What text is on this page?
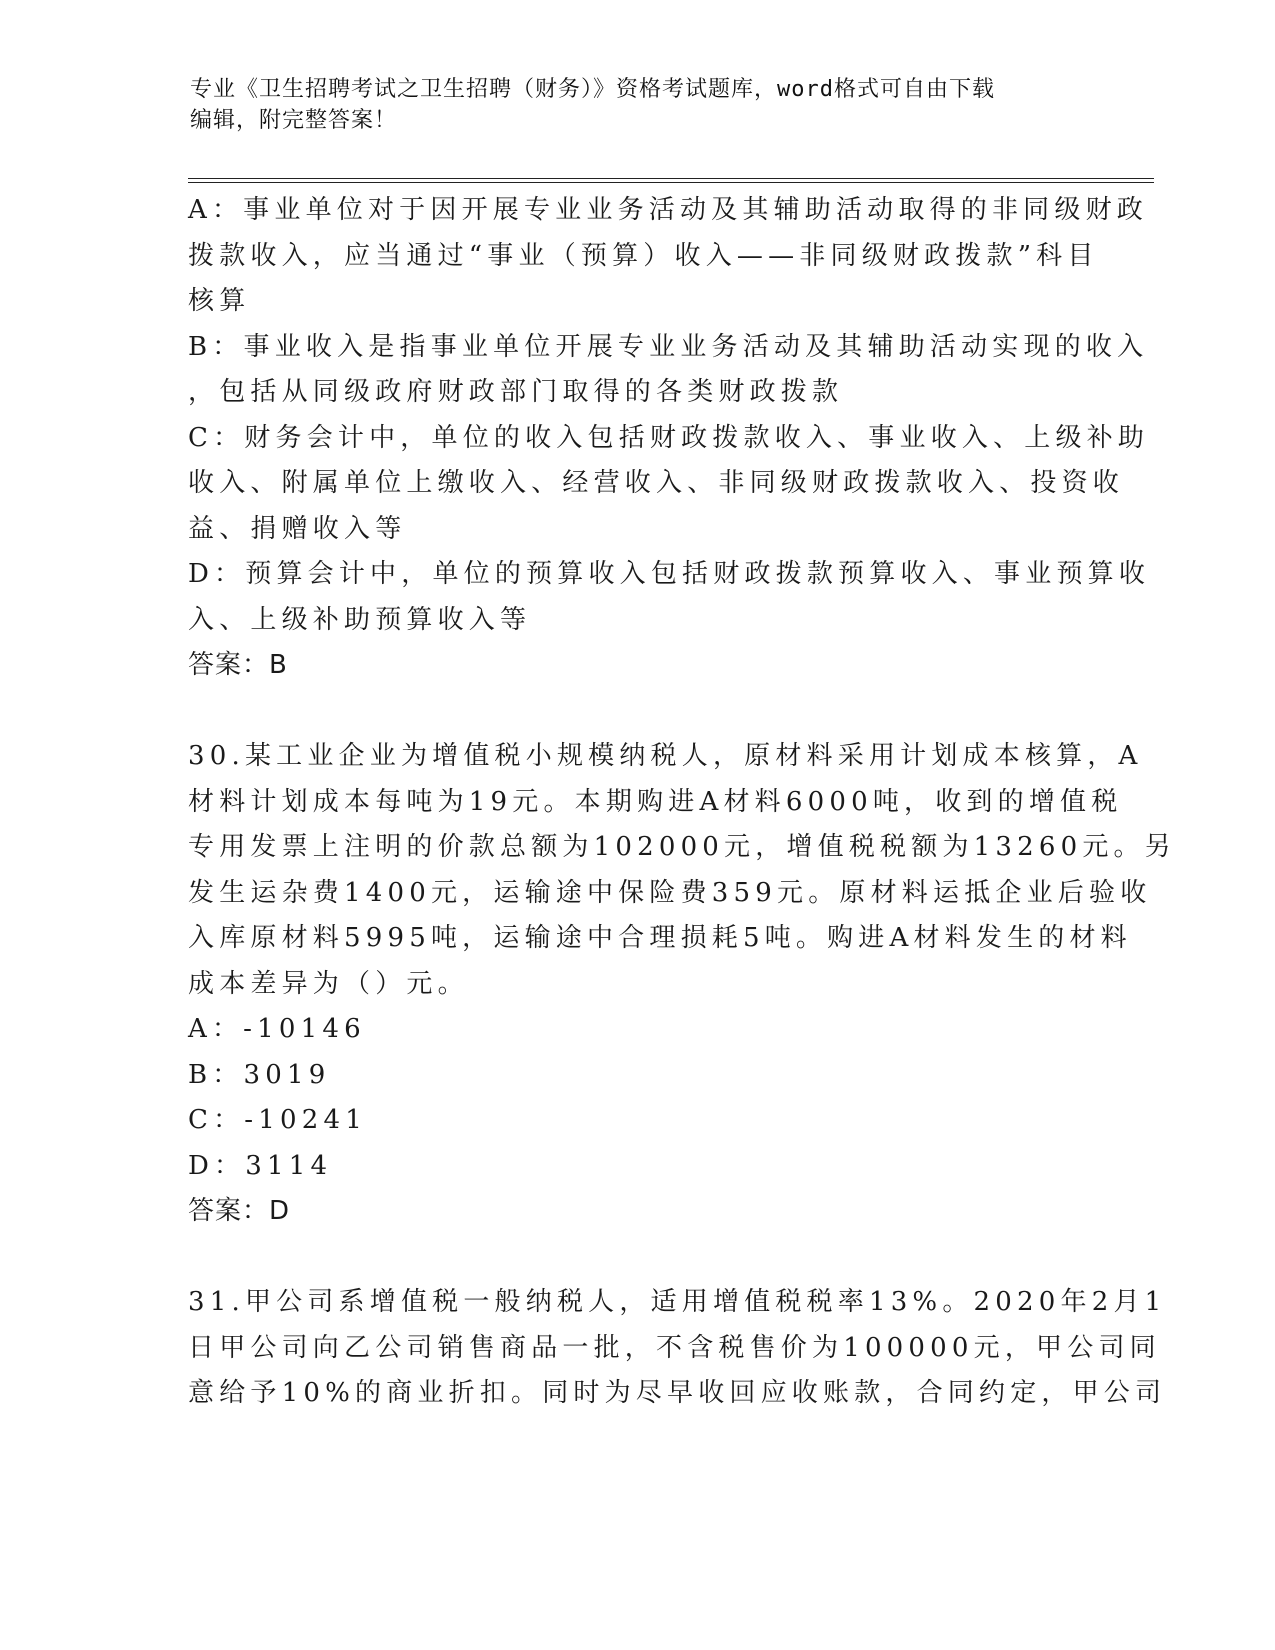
专业《卫生招聘考试之卫生招聘（财务）》资格考试题库，word格式可自由下载
编辑，附完整答案！
A：事业单位对于因开展专业业务活动及其辅助活动取得的非同级财政
拨款收入，应当通过“事业（预算）收入——非同级财政拨款”科目
核算
B：事业收入是指事业单位开展专业业务活动及其辅助活动实现的收入
，包括从同级政府财政部门取得的各类财政拨款
C：财务会计中，单位的收入包括财政拨款收入、事业收入、上级补助
收入、附属单位上缴收入、经营收入、非同级财政拨款收入、投资收
益、捐赠收入等
D：预算会计中，单位的预算收入包括财政拨款预算收入、事业预算收
入、上级补助预算收入等
答案：B
30.某工业企业为增值税小规模纳税人，原材料采用计划成本核算，A
材料计划成本每吨为19元。本期购进A材料6000吨，收到的增值税
专用发票上注明的价款总额为102000元，增值税税额为13260元。另
发生运杂费1400元，运输途中保险费359元。原材料运抵企业后验收
入库原材料5995吨，运输途中合理损耗5吨。购进A材料发生的材料
成本差异为（）元。
A：-10146
B：3019
C：-10241
D：3114
答案：D
31.甲公司系增值税一般纳税人，适用增值税税率13%。2020年2月1
日甲公司向乙公司销售商品一批，不含税售价为100000元，甲公司同
意给予10%的商业折扣。同时为尽早收回应收账款，合同约定，甲公司
